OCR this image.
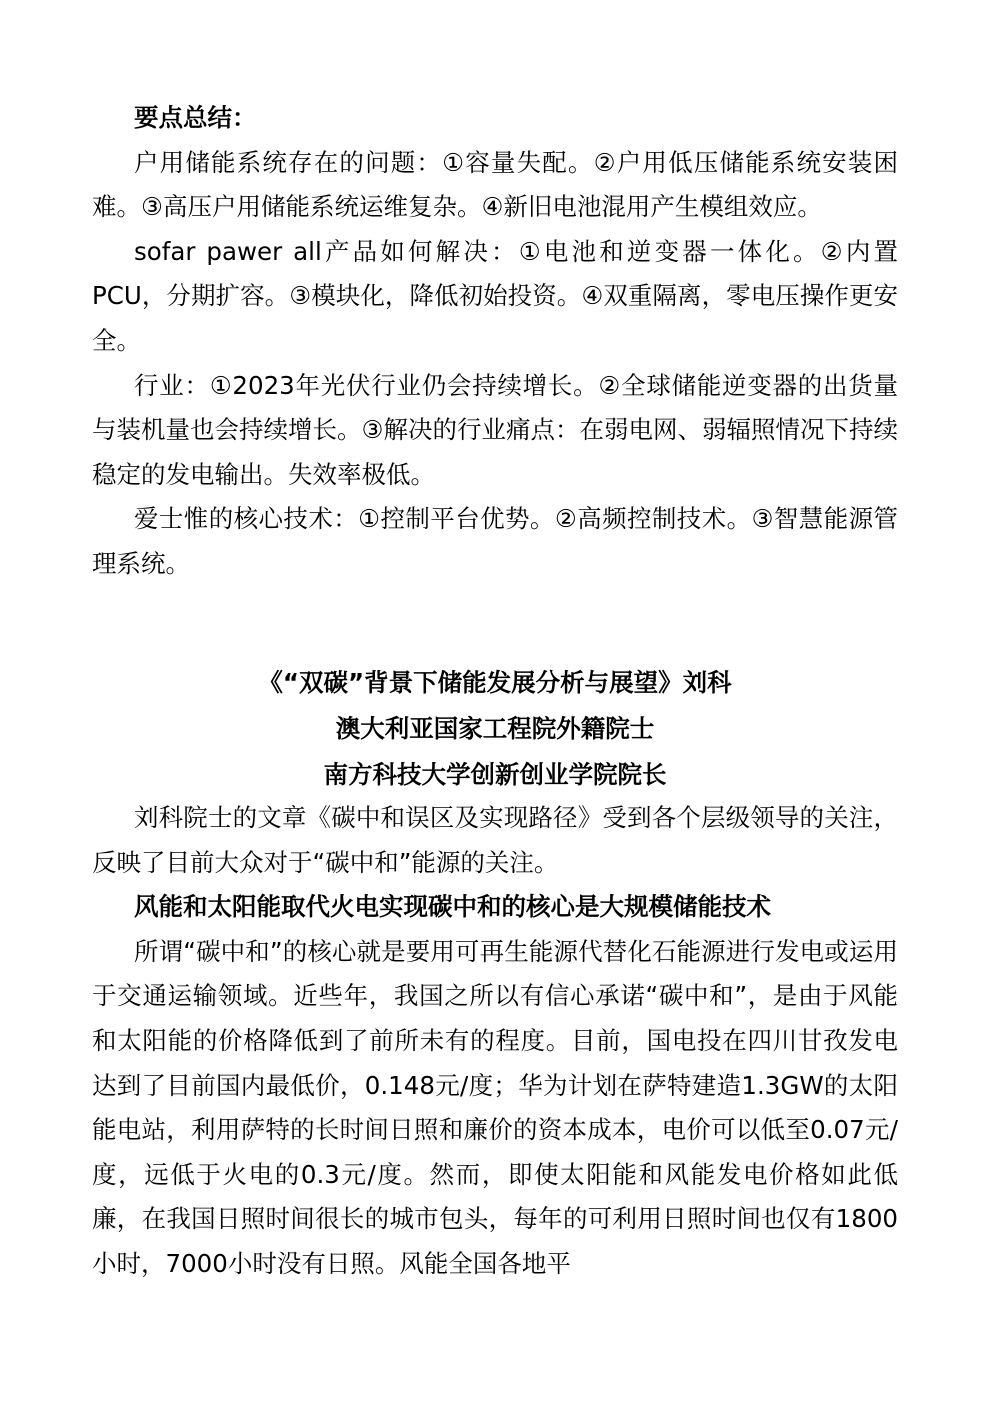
要点总结：

户用储能系统存在的问题：①容量失配。②户用低压储能系统安装困难。③高压户用储能系统运维复杂。④新旧电池混用产生模组效应。

sofar pawer all产品如何解决：①电池和逆变器一体化。②内置PCU，分期扩容。③模块化，降低初始投资。④双重隔离，零电压操作更安全。

行业：①2023年光伏行业仍会持续增长。②全球储能逆变器的出货量与装机量也会持续增长。③解决的行业痛点：在弱电网、弱辐照情况下持续稳定的发电输出。失效率极低。

爱士惟的核心技术：①控制平台优势。②高频控制技术。③智慧能源管理系统。

《“双碳”背景下储能发展分析与展望》刘科

澳大利亚国家工程院外籍院士

南方科技大学创新创业学院院长

刘科院士的文章《碳中和误区及实现路径》受到各个层级领导的关注，反映了目前大众对于“碳中和”能源的关注。

风能和太阳能取代火电实现碳中和的核心是大规模储能技术

所谓“碳中和”的核心就是要用可再生能源代替化石能源进行发电或运用于交通运输领域。近些年，我国之所以有信心承诺“碳中和”，是由于风能和太阳能的价格降低到了前所未有的程度。目前，国电投在四川甘孜发电达到了目前国内最低价，0.148元/度；华为计划在萨特建造1.3GW的太阳能电站，利用萨特的长时间日照和廉价的资本成本，电价可以低至0.07元/度，远低于火电的0.3元/度。然而，即使太阳能和风能发电价格如此低廉，在我国日照时间很长的城市包头，每年的可利用日照时间也仅有1800小时，7000小时没有日照。风能全国各地平
